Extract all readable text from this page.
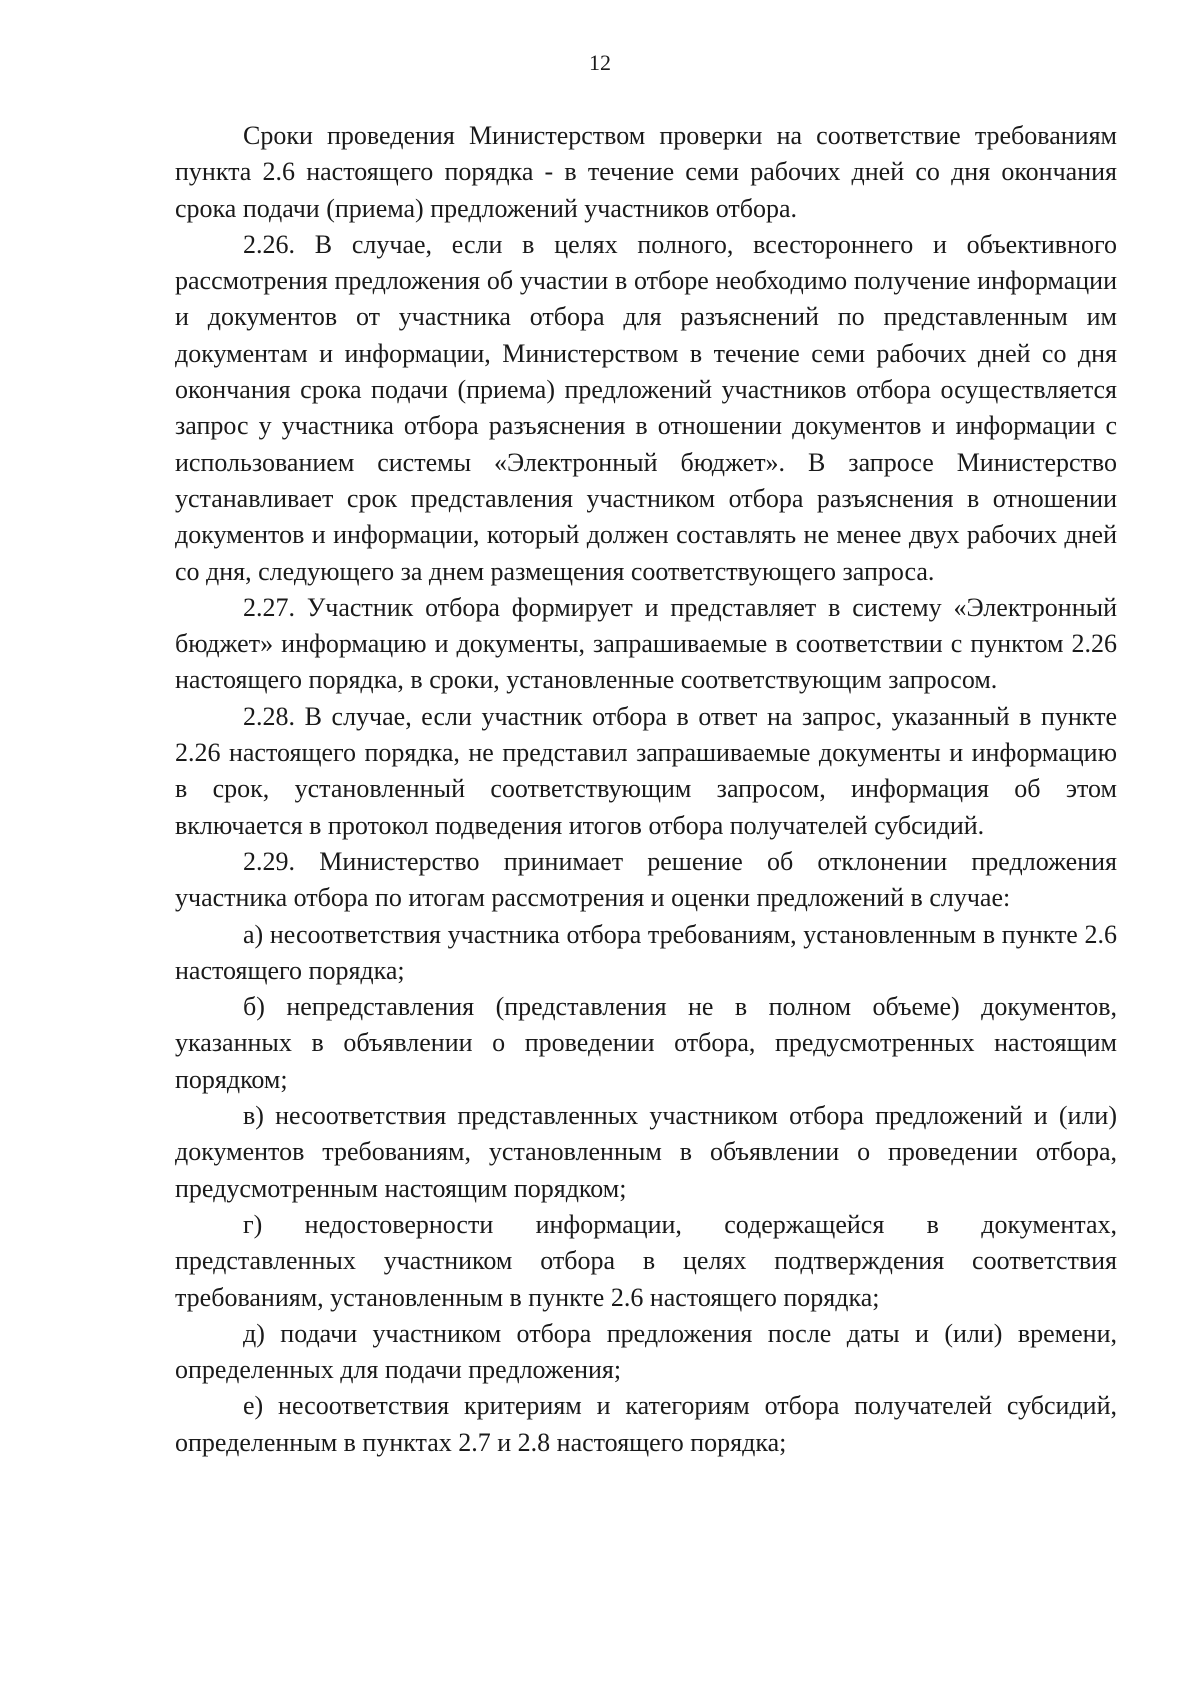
12

Сроки проведения Министерством проверки на соответствие требованиям пункта 2.6 настоящего порядка - в течение семи рабочих дней со дня окончания срока подачи (приема) предложений участников отбора.

2.26. В случае, если в целях полного, всестороннего и объективного рассмотрения предложения об участии в отборе необходимо получение информации и документов от участника отбора для разъяснений по представленным им документам и информации, Министерством в течение семи рабочих дней со дня окончания срока подачи (приема) предложений участников отбора осуществляется запрос у участника отбора разъяснения в отношении документов и информации с использованием системы «Электронный бюджет». В запросе Министерство устанавливает срок представления участником отбора разъяснения в отношении документов и информации, который должен составлять не менее двух рабочих дней со дня, следующего за днем размещения соответствующего запроса.

2.27. Участник отбора формирует и представляет в систему «Электронный бюджет» информацию и документы, запрашиваемые в соответствии с пунктом 2.26 настоящего порядка, в сроки, установленные соответствующим запросом.

2.28. В случае, если участник отбора в ответ на запрос, указанный в пункте 2.26 настоящего порядка, не представил запрашиваемые документы и информацию в срок, установленный соответствующим запросом, информация об этом включается в протокол подведения итогов отбора получателей субсидий.

2.29. Министерство принимает решение об отклонении предложения участника отбора по итогам рассмотрения и оценки предложений в случае:

а) несоответствия участника отбора требованиям, установленным в пункте 2.6 настоящего порядка;

б) непредставления (представления не в полном объеме) документов, указанных в объявлении о проведении отбора, предусмотренных настоящим порядком;

в) несоответствия представленных участником отбора предложений и (или) документов требованиям, установленным в объявлении о проведении отбора, предусмотренным настоящим порядком;

г) недостоверности информации, содержащейся в документах, представленных участником отбора в целях подтверждения соответствия требованиям, установленным в пункте 2.6 настоящего порядка;

д) подачи участником отбора предложения после даты и (или) времени, определенных для подачи предложения;

е) несоответствия критериям и категориям отбора получателей субсидий, определенным в пунктах 2.7 и 2.8 настоящего порядка;
